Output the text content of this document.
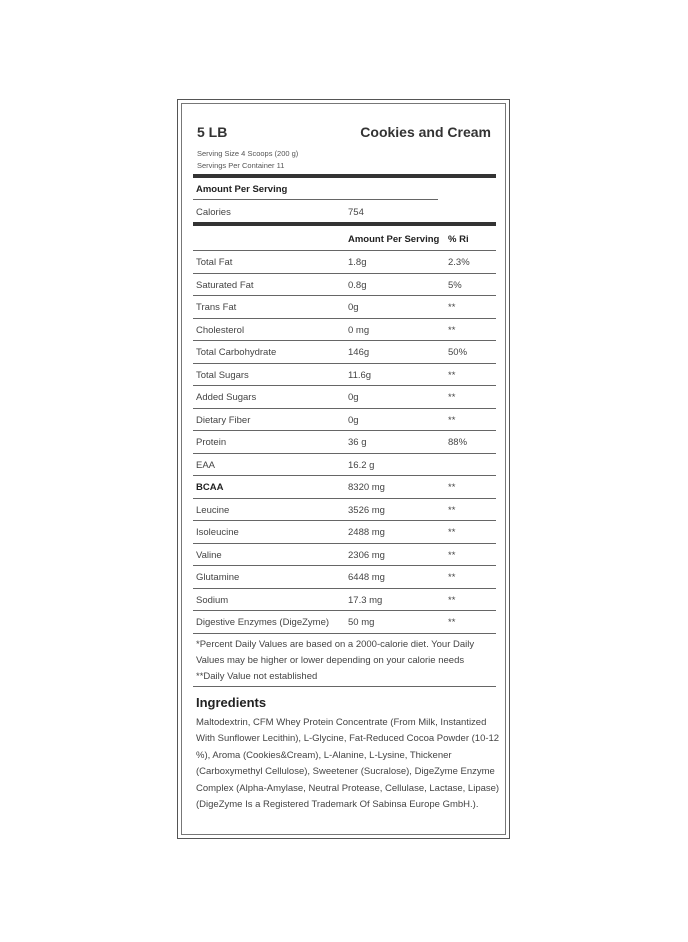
5 LB	Cookies and Cream
Serving Size 4 Scoops (200 g)
Servings Per Container 11
Amount Per Serving
Calories	754
Amount Per Serving % Ri
Total Fat	1.8g	2.3%
Saturated Fat	0.8g	5%
Trans Fat	0g	**
Cholesterol	0 mg	**
Total Carbohydrate	146g	50%
Total Sugars	11.6g	**
Added Sugars	0g	**
Dietary Fiber	0g	**
Protein	36 g	88%
EAA	16.2 g
BCAA	8320 mg	**
Leucine	3526 mg	**
Isoleucine	2488 mg	**
Valine	2306 mg	**
Glutamine	6448 mg	**
Sodium	17.3 mg	**
Digestive Enzymes (DigeZyme) 50 mg	**
*Percent Daily Values are based on a 2000-calorie diet. Your Daily
Values may be higher or lower depending on your calorie needs
**Daily Value not established
Ingredients
Maltodextrin, CFM Whey Protein Concentrate (From Milk, Instantized With Sunflower Lecithin), L-Glycine, Fat-Reduced Cocoa Powder (10-12 %), Aroma (Cookies&Cream), L-Alanine, L-Lysine, Thickener (Carboxymethyl Cellulose), Sweetener (Sucralose), DigeZyme Enzyme Complex (Alpha-Amylase, Neutral Protease, Cellulase, Lactase, Lipase) (DigeZyme Is a Registered Trademark Of Sabinsa Europe GmbH.).
